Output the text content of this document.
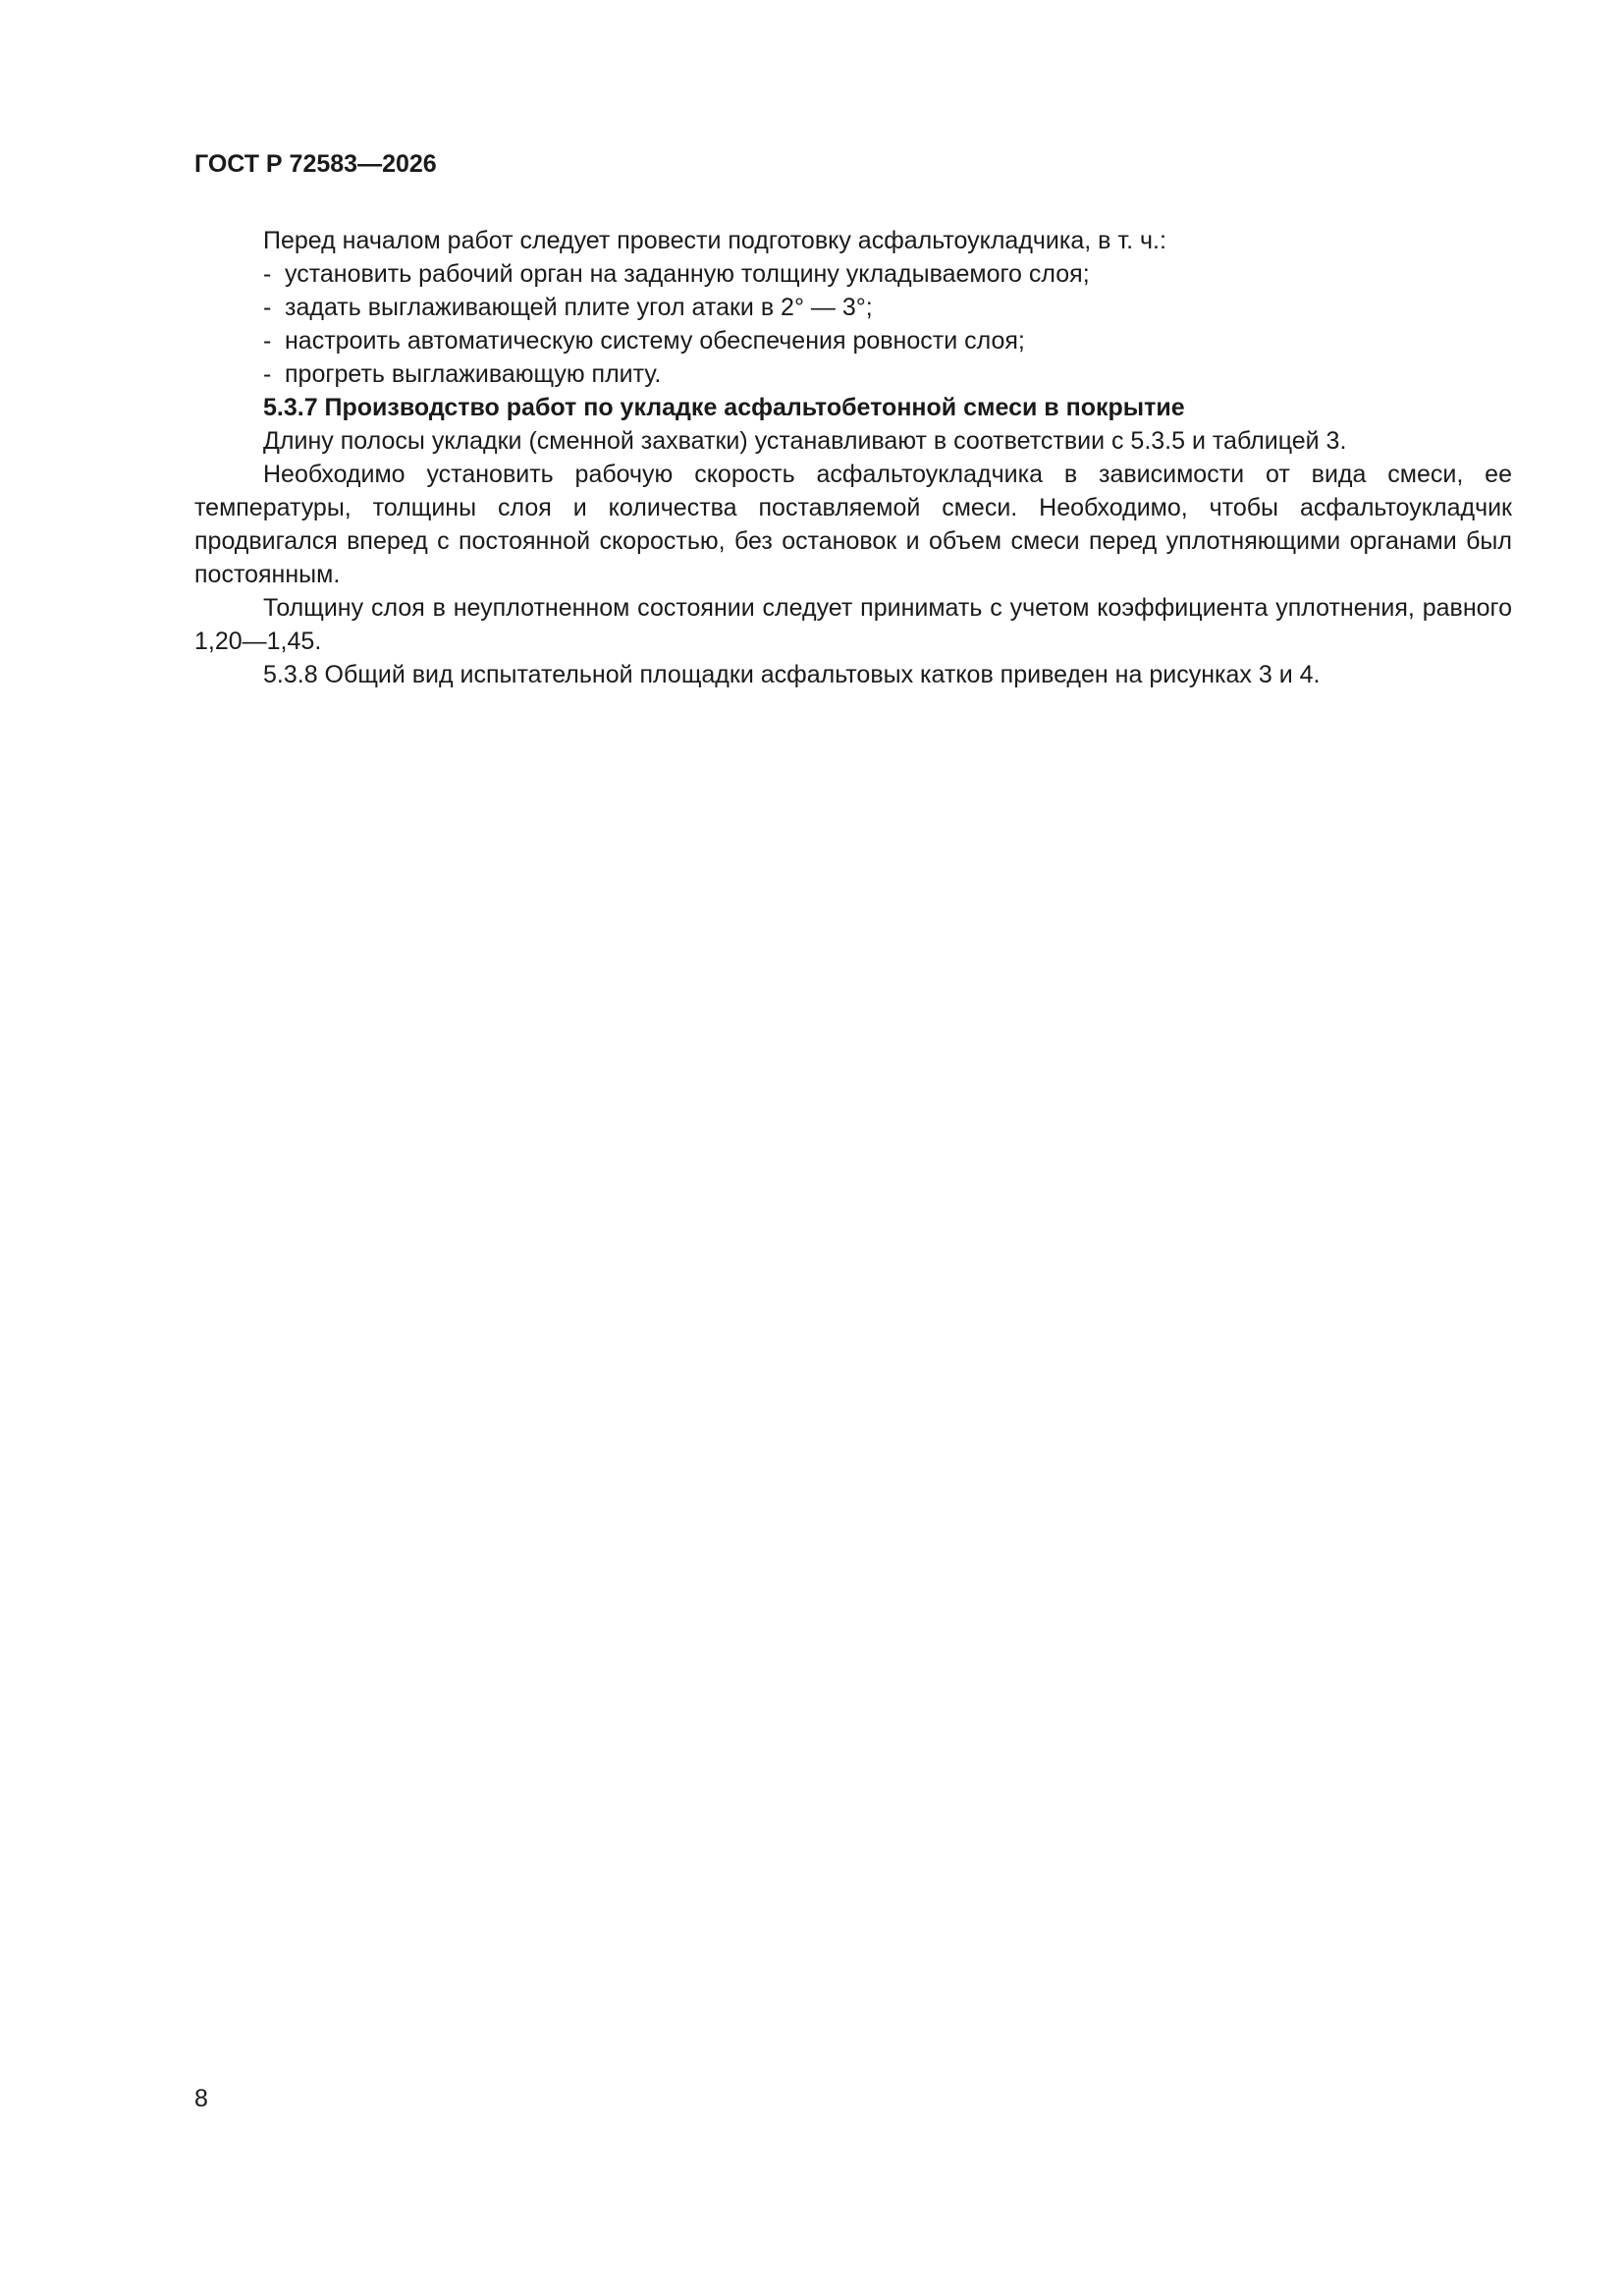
ГОСТ Р 72583—2026

Перед началом работ следует провести подготовку асфальтоукладчика, в т. ч.:

- установить рабочий орган на заданную толщину укладываемого слоя;
- задать выглаживающей плите угол атаки в 2° — 3°;
- настроить автоматическую систему обеспечения ровности слоя;
- прогреть выглаживающую плиту.

5.3.7 Производство работ по укладке асфальтобетонной смеси в покрытие

Длину полосы укладки (сменной захватки) устанавливают в соответствии с 5.3.5 и таблицей 3.

Необходимо установить рабочую скорость асфальтоукладчика в зависимости от вида смеси, ее температуры, толщины слоя и количества поставляемой смеси. Необходимо, чтобы асфальтоукладчик продвигался вперед с постоянной скоростью, без остановок и объем смеси перед уплотняющими органами был постоянным.

Толщину слоя в неуплотненном состоянии следует принимать с учетом коэффициента уплотнения, равного 1,20—1,45.

5.3.8 Общий вид испытательной площадки асфальтовых катков приведен на рисунках 3 и 4.

8
